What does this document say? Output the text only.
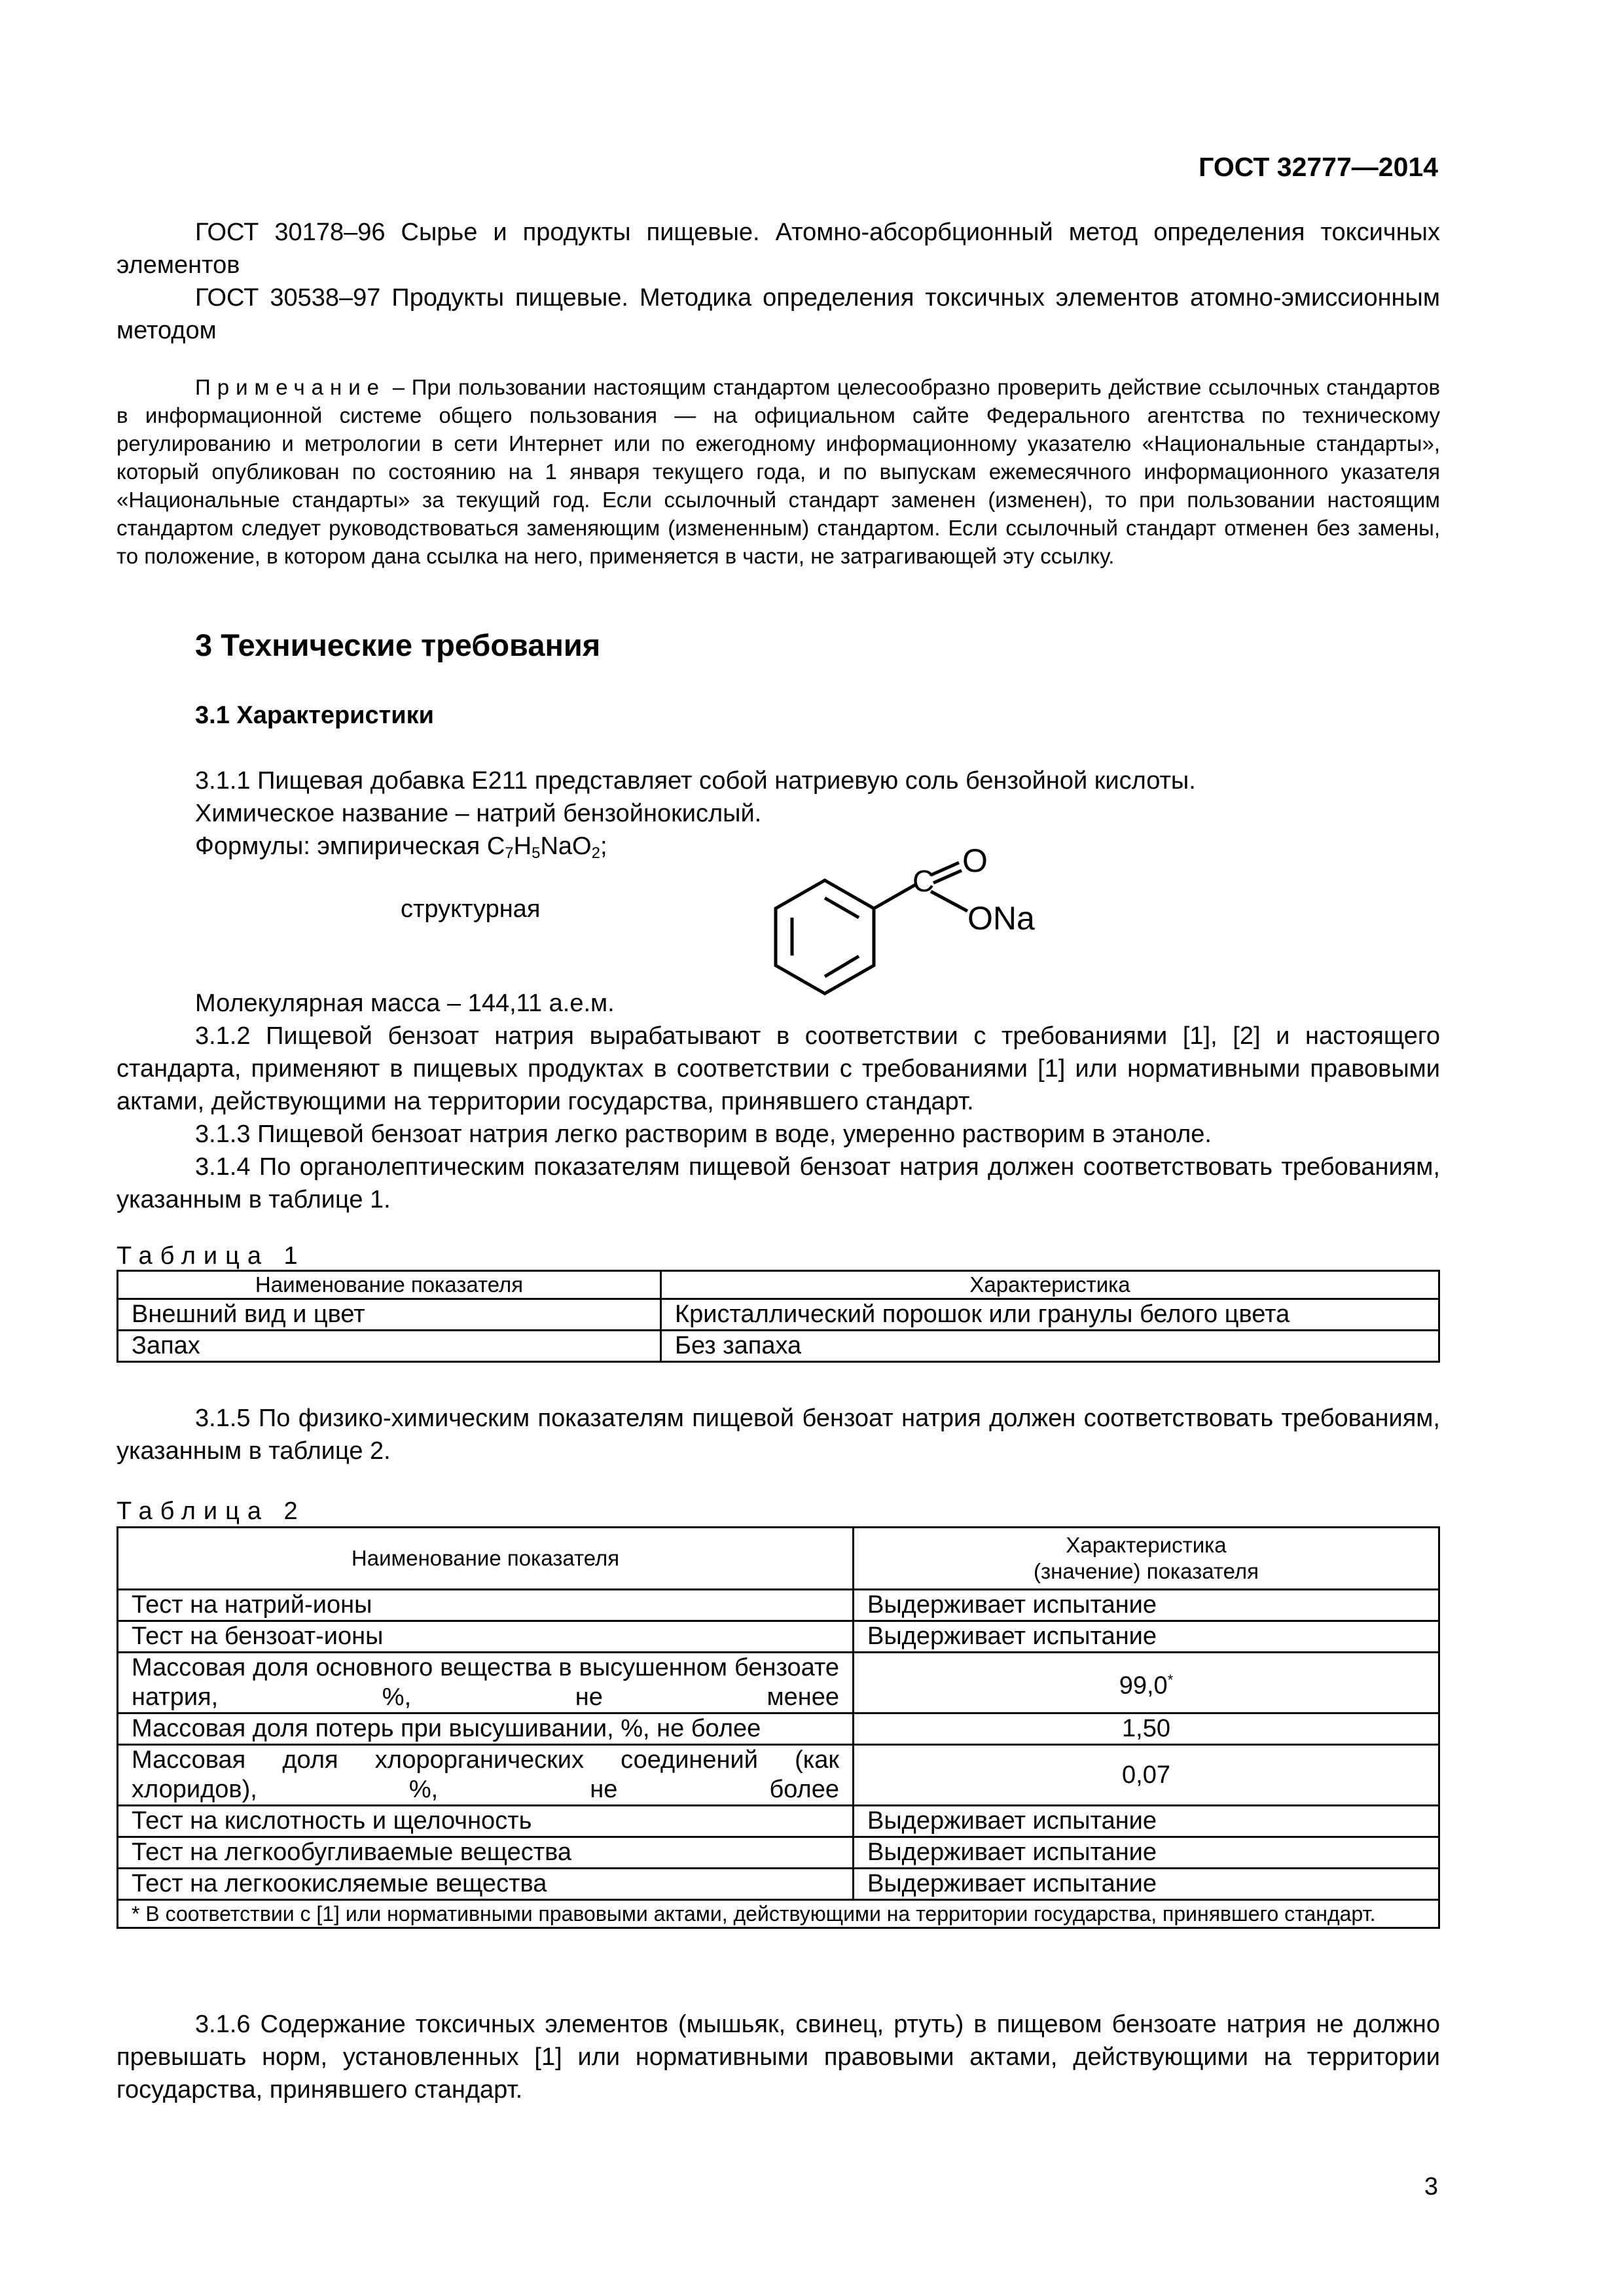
ГОСТ 32777—2014
ГОСТ 30178–96 Сырье и продукты пищевые. Атомно-абсорбционный метод определения токсичных элементов
ГОСТ 30538–97 Продукты пищевые. Методика определения токсичных элементов атомно-эмиссионным методом
Примечание – При пользовании настоящим стандартом целесообразно проверить действие ссылочных стандартов в информационной системе общего пользования — на официальном сайте Федерального агентства по техническому регулированию и метрологии в сети Интернет или по ежегодному информационному указателю «Национальные стандарты», который опубликован по состоянию на 1 января текущего года, и по выпускам ежемесячного информационного указателя «Национальные стандарты» за текущий год. Если ссылочный стандарт заменен (изменен), то при пользовании настоящим стандартом следует руководствоваться заменяющим (измененным) стандартом. Если ссылочный стандарт отменен без замены, то положение, в котором дана ссылка на него, применяется в части, не затрагивающей эту ссылку.
3 Технические требования
3.1 Характеристики
3.1.1 Пищевая добавка Е211 представляет собой натриевую соль бензойной кислоты.
Химическое название – натрий бензойнокислый.
Формулы: эмпирическая $C_7H_5NaO_2$;
структурная
C
O
ONa
Молекулярная масса – 144,11 а.е.м.
3.1.2 Пищевой бензоат натрия вырабатывают в соответствии с требованиями [1], [2] и настоящего стандарта, применяют в пищевых продуктах в соответствии с требованиями [1] или нормативными правовыми актами, действующими на территории государства, принявшего стандарт.
3.1.3 Пищевой бензоат натрия легко растворим в воде, умеренно растворим в этаноле.
3.1.4 По органолептическим показателям пищевой бензоат натрия должен соответствовать требованиям, указанным в таблице 1.
Таблица 1
Наименование показателя	Характеристика
Внешний вид и цвет	Кристаллический порошок или гранулы белого цвета
Запах	Без запаха
3.1.5 По физико-химическим показателям пищевой бензоат натрия должен соответствовать требованиям, указанным в таблице 2.
Таблица 2
Наименование показателя	Характеристика
(значение) показателя

Тест на натрий-ионы	Выдерживает испытание
Тест на бензоат-ионы	Выдерживает испытание
Массовая доля основного вещества в высушенном бензоате натрия, %, не менее	99,0*
Массовая доля потерь при высушивании, %, не более	1,50
Массовая доля хлорорганических соединений (как хлоридов), %, не более	0,07
Тест на кислотность и щелочность	Выдерживает испытание
Тест на легкообугливаемые вещества	Выдерживает испытание
Тест на легкоокисляемые вещества	Выдерживает испытание
* В соответствии с [1] или нормативными правовыми актами, действующими на территории государства, принявшего стандарт.	
3.1.6 Содержание токсичных элементов (мышьяк, свинец, ртуть) в пищевом бензоате натрия не должно превышать норм, установленных [1] или нормативными правовыми актами, действующими на территории государства, принявшего стандарт.
3
